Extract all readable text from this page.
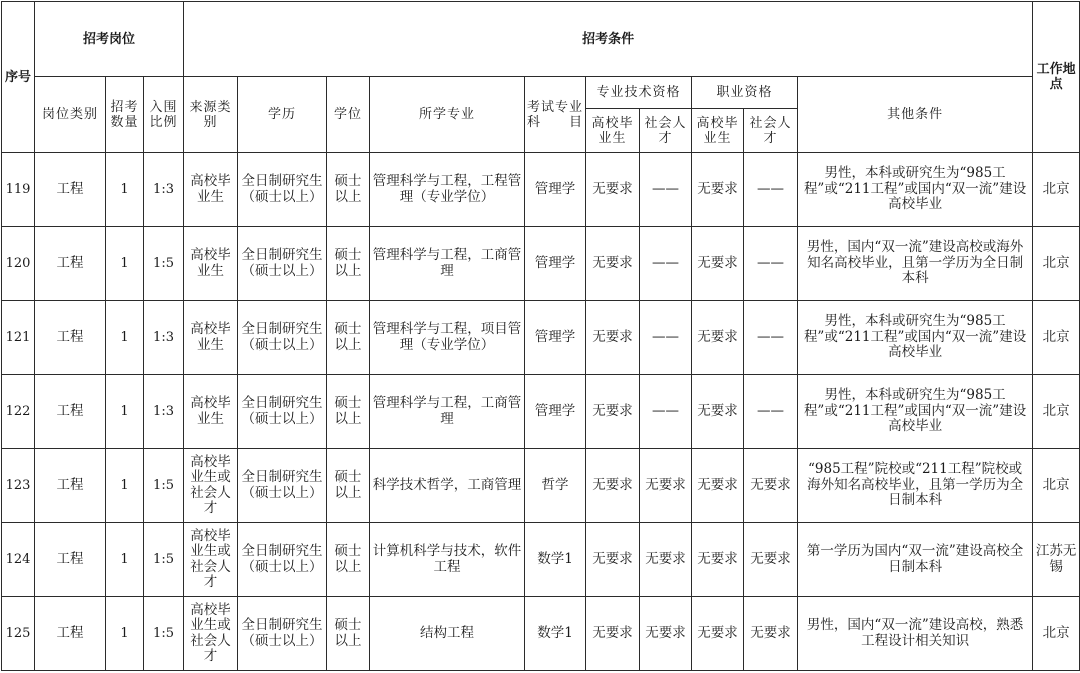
序号	招考岗位			招考条件										工作地点
	岗位类别	招考数量	入围比例	来源类别	学历	学位	所学专业	考试专业科　　目	专业技术资格		职业资格		其他条件	
									高校毕业生	社会人才	高校毕业生	社会人才		
119	工程	1	1:3	高校毕业生	全日制研究生（硕士以上）	硕士以上	管理科学与工程，工程管理（专业学位）	管理学	无要求	——	无要求	——	男性，本科或研究生为“985工程”或“211工程”或国内“双一流”建设高校毕业	北京
120	工程	1	1:5	高校毕业生	全日制研究生（硕士以上）	硕士以上	管理科学与工程，工商管理	管理学	无要求	——	无要求	——	男性，国内“双一流”建设高校或海外知名高校毕业，且第一学历为全日制本科	北京
121	工程	1	1:3	高校毕业生	全日制研究生（硕士以上）	硕士以上	管理科学与工程，项目管理（专业学位）	管理学	无要求	——	无要求	——	男性，本科或研究生为“985工程”或“211工程”或国内“双一流”建设高校毕业	北京
122	工程	1	1:3	高校毕业生	全日制研究生（硕士以上）	硕士以上	管理科学与工程，工商管理	管理学	无要求	——	无要求	——	男性，本科或研究生为“985工程”或“211工程”或国内“双一流”建设高校毕业	北京
123	工程	1	1:5	高校毕业生或社会人才	全日制研究生（硕士以上）	硕士以上	科学技术哲学，工商管理	哲学	无要求	无要求	无要求	无要求	“985工程”院校或“211工程”院校或海外知名高校毕业，且第一学历为全日制本科	北京
124	工程	1	1:5	高校毕业生或社会人才	全日制研究生（硕士以上）	硕士以上	计算机科学与技术，软件工程	数学1	无要求	无要求	无要求	无要求	第一学历为国内“双一流”建设高校全日制本科	江苏无锡
125	工程	1	1:5	高校毕业生或社会人才	全日制研究生（硕士以上）	硕士以上	结构工程	数学1	无要求	无要求	无要求	无要求	男性，国内“双一流”建设高校，熟悉工程设计相关知识	北京
